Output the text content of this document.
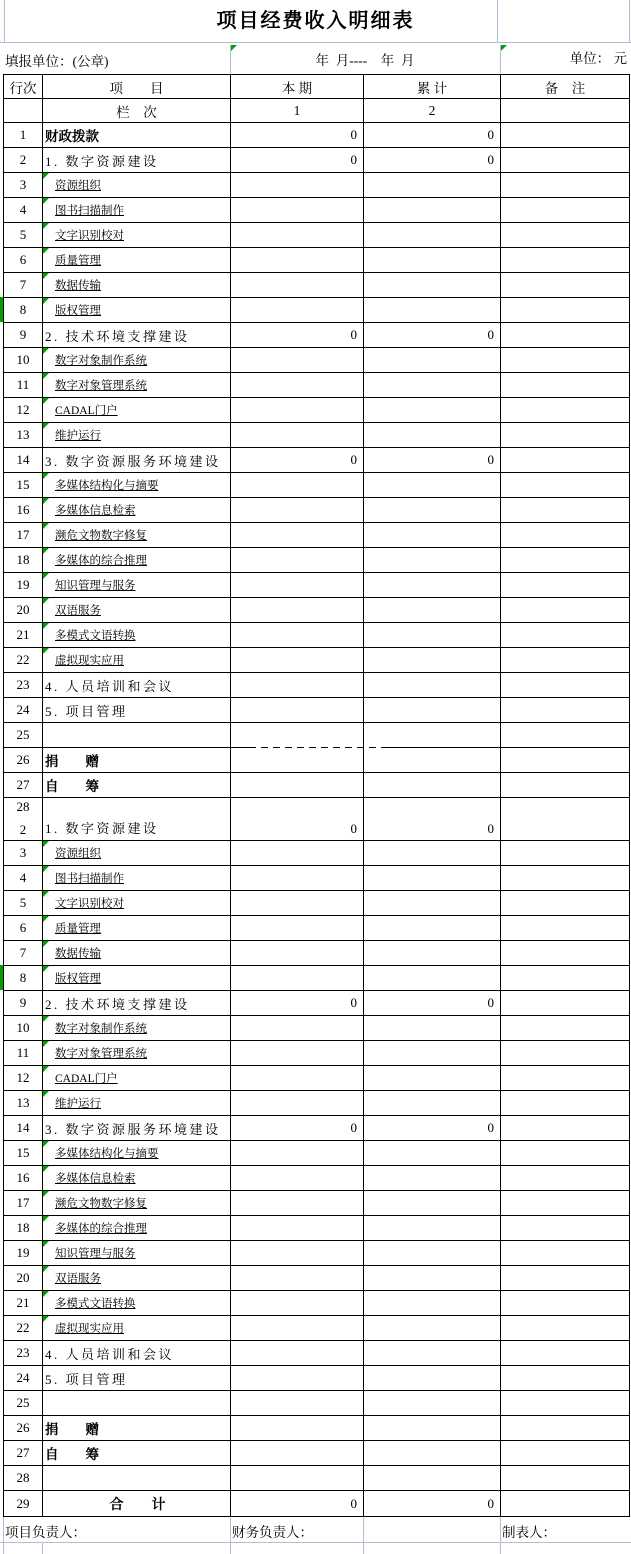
项目经费收入明细表

填报单位：(公章)

	年  月----    年  月

	单位： 元

行次	项　　目	本 期	累 计	备　注
栏　次	1	2
1	财政拨款	0	0
2	1. 数字资源建设	0	0
3	资源组织
4	图书扫描制作
5	文字识别校对
6	质量管理
7	数据传输
8	版权管理
9	2. 技术环境支撑建设	0	0
10	数字对象制作系统
11	数字对象管理系统
12	CADAL门户
13	维护运行
14	3. 数字资源服务环境建设	0	0
15	多媒体结构化与摘要
16	多媒体信息检索
17	濒危文物数字修复
18	多媒体的综合推理
19	知识管理与服务
20	双语服务
21	多模式文语转换
22	虚拟现实应用
23	4. 人员培训和会议
24	5. 项目管理
25
26	捐　　赠
27	自　　筹
28
2 1. 数字资源建设	0	0
3	资源组织
4	图书扫描制作
5	文字识别校对
6	质量管理
7	数据传输
8	版权管理
9	2. 技术环境支撑建设	0	0
10	数字对象制作系统
11	数字对象管理系统
12	CADAL门户
13	维护运行
14	3. 数字资源服务环境建设	0	0
15	多媒体结构化与摘要
16	多媒体信息检索
17	濒危文物数字修复
18	多媒体的综合推理
19	知识管理与服务
20	双语服务
21	多模式文语转换
22	虚拟现实应用
23	4. 人员培训和会议
24	5. 项目管理
25
26	捐　　赠
27	自　　筹
28
29	合　　计	0	0
项目负责人：	财务负责人：	制表人：
